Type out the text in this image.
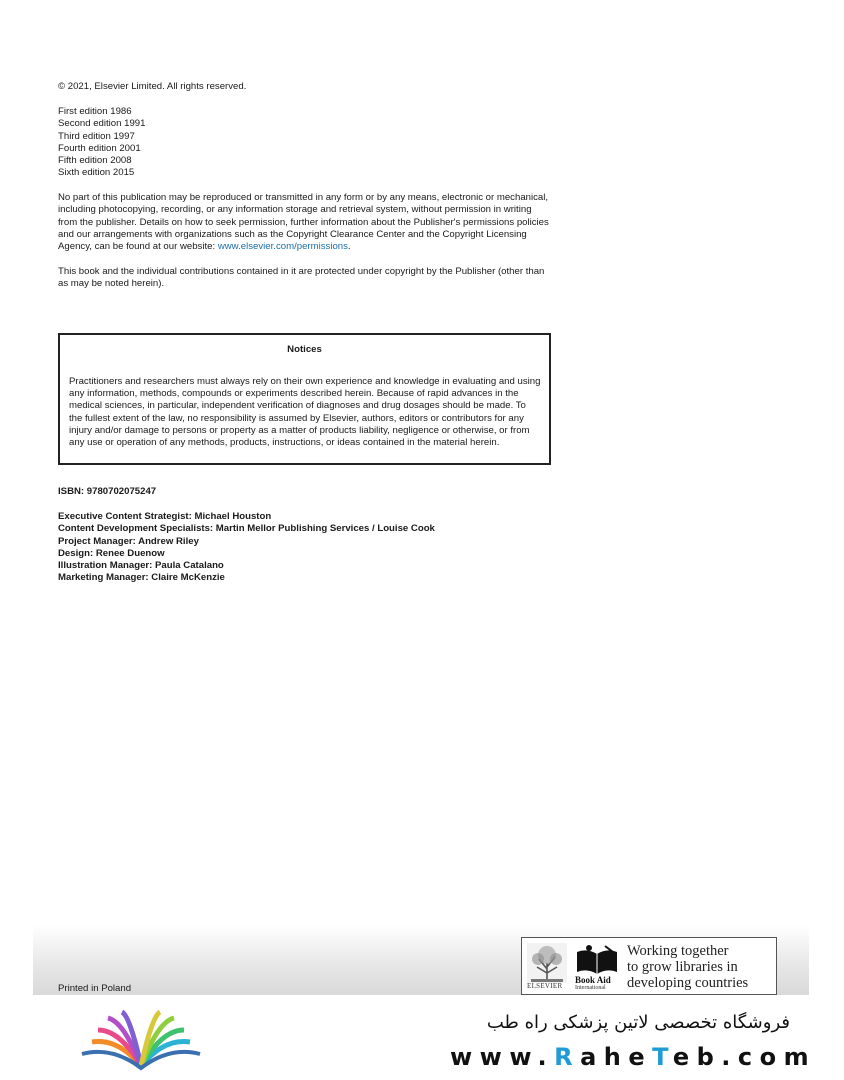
© 2021, Elsevier Limited. All rights reserved.
First edition 1986
Second edition 1991
Third edition 1997
Fourth edition 2001
Fifth edition 2008
Sixth edition 2015

No part of this publication may be reproduced or transmitted in any form or by any means, electronic or mechanical, including photocopying, recording, or any information storage and retrieval system, without permission in writing from the publisher. Details on how to seek permission, further information about the Publisher's permissions policies and our arrangements with organizations such as the Copyright Clearance Center and the Copyright Licensing Agency, can be found at our website: www.elsevier.com/permissions.

This book and the individual contributions contained in it are protected under copyright by the Publisher (other than as may be noted herein).

Notices
Practitioners and researchers must always rely on their own experience and knowledge in evaluating and using any information, methods, compounds or experiments described herein. Because of rapid advances in the medical sciences, in particular, independent verification of diagnoses and drug dosages should be made. To the fullest extent of the law, no responsibility is assumed by Elsevier, authors, editors or contributors for any injury and/or damage to persons or property as a matter of products liability, negligence or otherwise, or from any use or operation of any methods, products, instructions, or ideas contained in the material herein.
ISBN: 9780702075247
Executive Content Strategist: Michael Houston
Content Development Specialists: Martin Mellor Publishing Services / Louise Cook
Project Manager: Andrew Riley
Design: Renee Duenow
Illustration Manager: Paula Catalano
Marketing Manager: Claire McKenzie
Printed in Poland	ELSEVIER
Book Aid
International
Working together
to grow libraries in
developing countries
فروشگاه تخصصی لاتین پزشکی راه طب
www.RaheTeb.com
